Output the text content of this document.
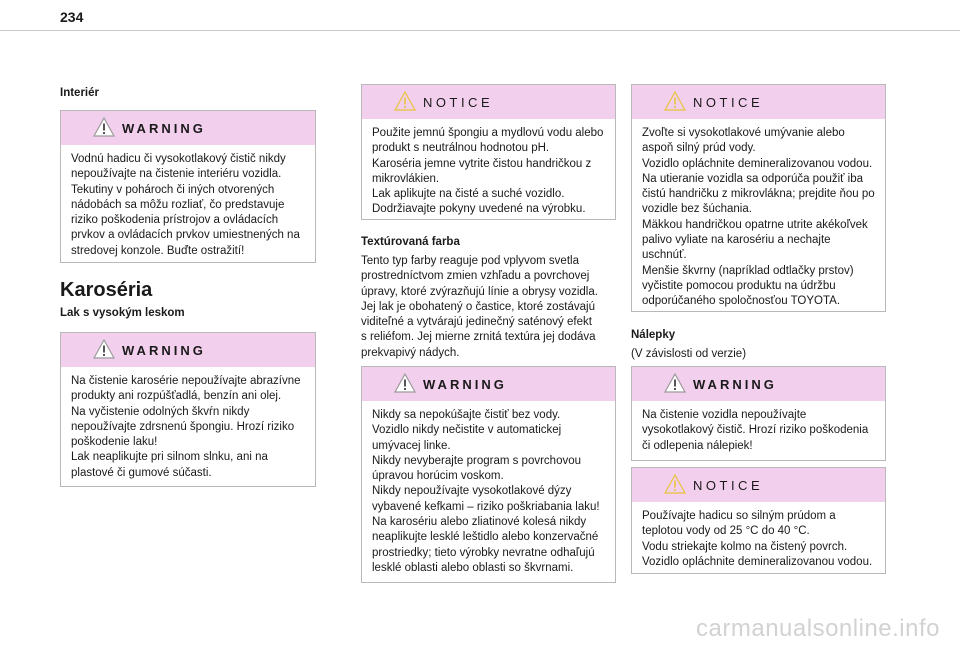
234
Interiér
WARNING
Vodnú hadicu či vysokotlakový čistič nikdy
nepoužívajte na čistenie interiéru vozidla.
Tekutiny v pohároch či iných otvorených
nádobách sa môžu rozliať, čo predstavuje
riziko poškodenia prístrojov a ovládacích
prvkov a ovládacích prvkov umiestnených na
stredovej konzole. Buďte ostražití!
Karoséria
Lak s vysokým leskom
WARNING
Na čistenie karosérie nepoužívajte abrazívne
produkty ani rozpúšťadlá, benzín ani olej.
Na vyčistenie odolných škvŕn nikdy
nepoužívajte zdrsnenú špongiu. Hrozí riziko
poškodenie laku!
Lak neaplikujte pri silnom slnku, ani na
plastové či gumové súčasti.
NOTICE
Použite jemnú špongiu a mydlovú vodu alebo
produkt s neutrálnou hodnotou pH.
Karoséria jemne vytrite čistou handričkou z
mikrovlákien.
Lak aplikujte na čisté a suché vozidlo.
Dodržiavajte pokyny uvedené na výrobku.
Textúrovaná farba
Tento typ farby reaguje pod vplyvom svetla
prostredníctvom zmien vzhľadu a povrchovej
úpravy, ktoré zvýrazňujú línie a obrysy vozidla.
Jej lak je obohatený o častice, ktoré zostávajú
viditeľné a vytvárajú jedinečný saténový efekt
s reliéfom. Jej mierne zrnitá textúra jej dodáva
prekvapivý nádych.
WARNING
Nikdy sa nepokúšajte čistiť bez vody.
Vozidlo nikdy nečistite v automatickej
umývacej linke.
Nikdy nevyberajte program s povrchovou
úpravou horúcim voskom.
Nikdy nepoužívajte vysokotlakové dýzy
vybavené kefkami – riziko poškriabania laku!
Na karosériu alebo zliatinové kolesá nikdy
neaplikujte lesklé leštidlo alebo konzervačné
prostriedky; tieto výrobky nevratne odhaľujú
lesklé oblasti alebo oblasti so škvrnami.
NOTICE
Zvoľte si vysokotlakové umývanie alebo
aspoň silný prúd vody.
Vozidlo opláchnite demineralizovanou vodou.
Na utieranie vozidla sa odporúča použiť iba
čistú handričku z mikrovlákna; prejdite ňou po
vozidle bez šúchania.
Mäkkou handričkou opatrne utrite akékoľvek
palivo vyliate na karosériu a nechajte
uschnúť.
Menšie škvrny (napríklad odtlačky prstov)
vyčistite pomocou produktu na údržbu
odporúčaného spoločnosťou TOYOTA.
Nálepky
(V závislosti od verzie)
WARNING
Na čistenie vozidla nepoužívajte
vysokotlakový čistič. Hrozí riziko poškodenia
či odlepenia nálepiek!
NOTICE
Používajte hadicu so silným prúdom a
teplotou vody od 25 °C do 40 °C.
Vodu striekajte kolmo na čistený povrch.
Vozidlo opláchnite demineralizovanou vodou.
carmanualsonline.info
